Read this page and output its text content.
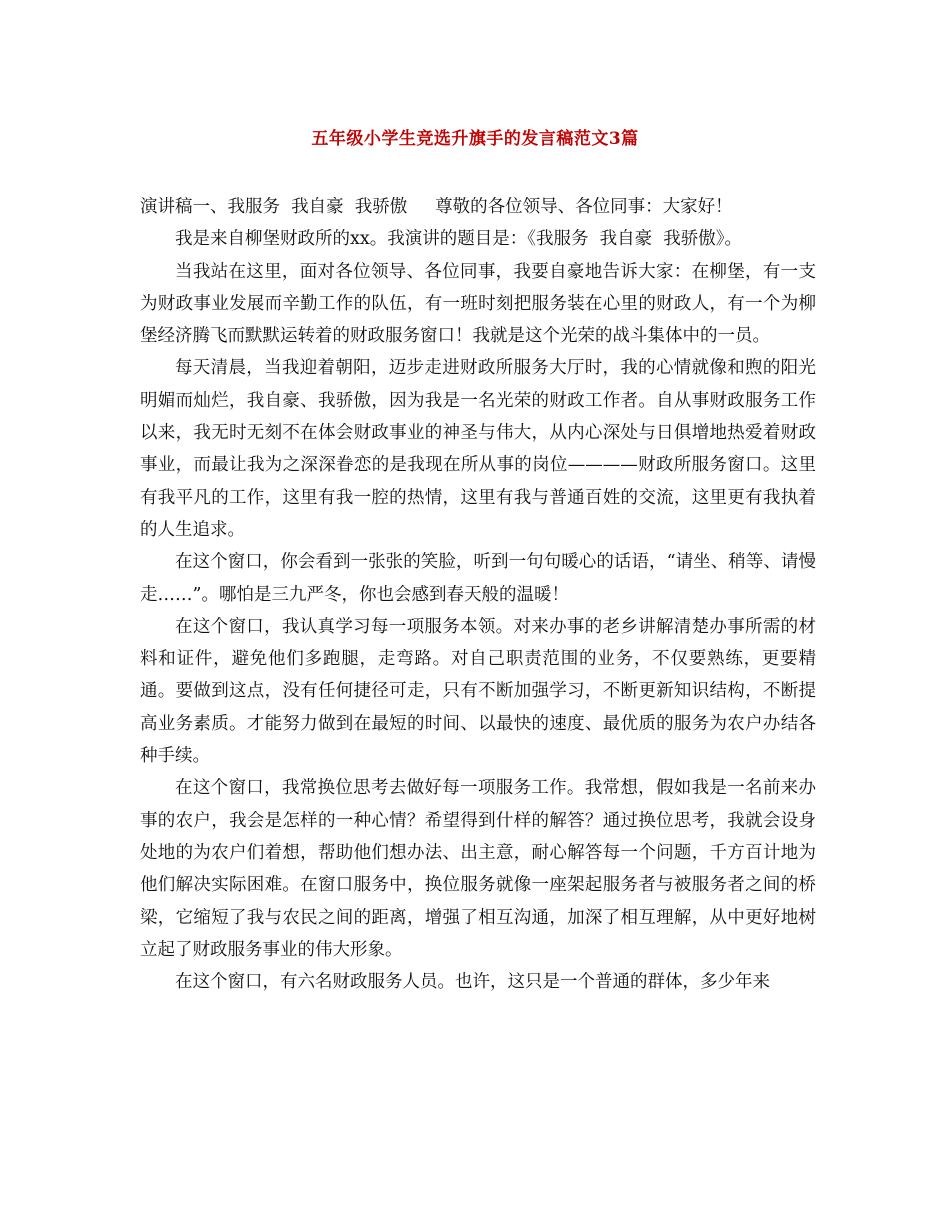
五年级小学生竞选升旗手的发言稿范文3篇

演讲稿一、我服务  我自豪  我骄傲     尊敬的各位领导、各位同事：大家好！

我是来自柳堡财政所的xx。我演讲的题目是：《我服务  我自豪  我骄傲》。

当我站在这里，面对各位领导、各位同事，我要自豪地告诉大家：在柳堡，有一支为财政事业发展而辛勤工作的队伍，有一班时刻把服务装在心里的财政人，有一个为柳堡经济腾飞而默默运转着的财政服务窗口！我就是这个光荣的战斗集体中的一员。

每天清晨，当我迎着朝阳，迈步走进财政所服务大厅时，我的心情就像和煦的阳光明媚而灿烂，我自豪、我骄傲，因为我是一名光荣的财政工作者。自从事财政服务工作以来，我无时无刻不在体会财政事业的神圣与伟大，从内心深处与日俱增地热爱着财政事业，而最让我为之深深眷恋的是我现在所从事的岗位————财政所服务窗口。这里有我平凡的工作，这里有我一腔的热情，这里有我与普通百姓的交流，这里更有我执着的人生追求。

在这个窗口，你会看到一张张的笑脸，听到一句句暖心的话语，“请坐、稍等、请慢走……”。哪怕是三九严冬，你也会感到春天般的温暖！

在这个窗口，我认真学习每一项服务本领。对来办事的老乡讲解清楚办事所需的材料和证件，避免他们多跑腿，走弯路。对自己职责范围的业务，不仅要熟练，更要精通。要做到这点，没有任何捷径可走，只有不断加强学习，不断更新知识结构，不断提高业务素质。才能努力做到在最短的时间、以最快的速度、最优质的服务为农户办结各种手续。

在这个窗口，我常换位思考去做好每一项服务工作。我常想，假如我是一名前来办事的农户，我会是怎样的一种心情？希望得到什样的解答？通过换位思考，我就会设身处地的为农户们着想，帮助他们想办法、出主意，耐心解答每一个问题，千方百计地为他们解决实际困难。在窗口服务中，换位服务就像一座架起服务者与被服务者之间的桥梁，它缩短了我与农民之间的距离，增强了相互沟通，加深了相互理解，从中更好地树立起了财政服务事业的伟大形象。

在这个窗口，有六名财政服务人员。也许，这只是一个普通的群体，多少年来
